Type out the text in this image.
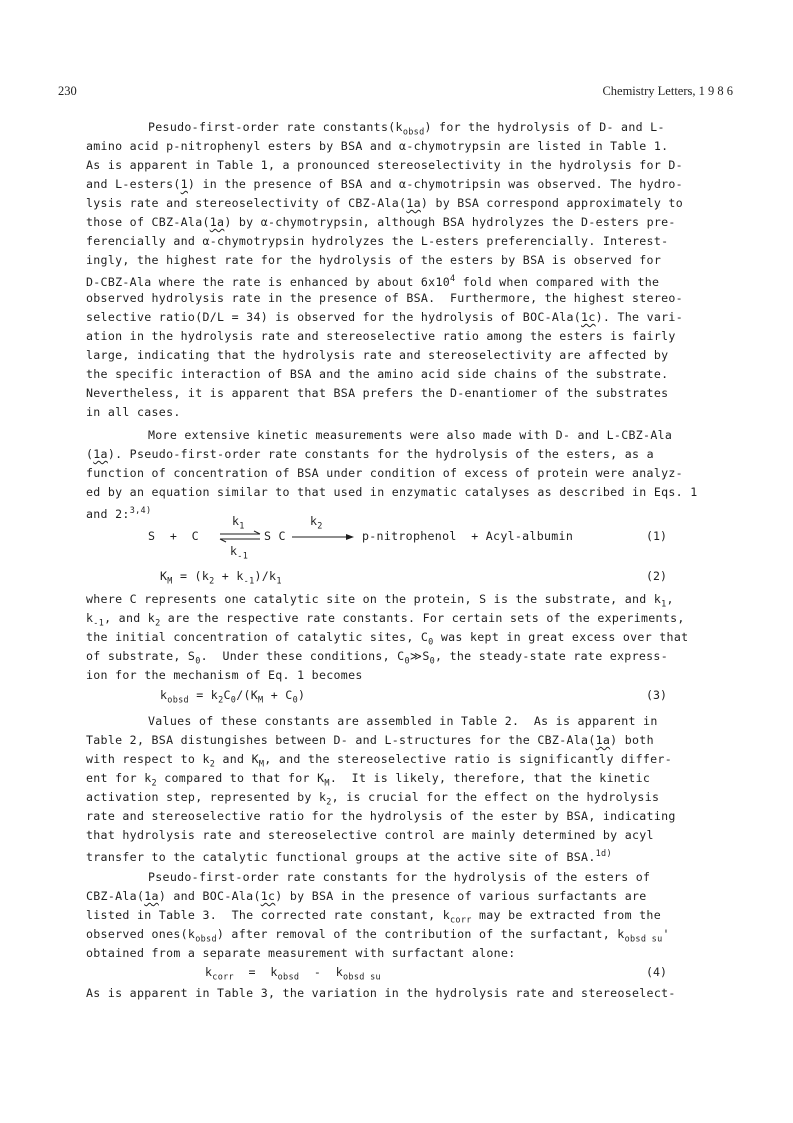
230	Chemistry Letters, 1 9 8 6
Pesudo-first-order rate $constants(k_{obsd})$ for the hydrolysis of D- and L-
amino acid p-nitrophenyl esters by BSA and α-chymotrypsin are listed in Table 1.
As is apparent in Table 1, a pronounced stereoselectivity in the hydrolysis for D-
and L-esters(1) in the presence of BSA and α-chymotripsin was observed. The hydro-
lysis rate and stereoselectivity of CBZ-Ala(1a) by BSA correspond approximately to
those of CBZ-Ala(1a) by α-chymotrypsin, although BSA hydrolyzes the D-esters pre-
ferencially and α-chymotrypsin hydrolyzes the L-esters preferencially. Interest-
ingly, the highest rate for the hydrolysis of the esters by BSA is observed for
D-CBZ-Ala where the rate is enhanced by about $6x10^4$ fold when compared with the
observed hydrolysis rate in the presence of BSA.  Furthermore, the highest stereo-
selective ratio(D/L = 34) is observed for the hydrolysis of BOC-Ala(1c). The vari-
ation in the hydrolysis rate and stereoselective ratio among the esters is fairly
large, indicating that the hydrolysis rate and stereoselectivity are affected by
the specific interaction of BSA and the amino acid side chains of the substrate.
Nevertheless, it is apparent that BSA prefers the D-enantiomer of the substrates
in all cases.
More extensive kinetic measurements were also made with D- and L-CBZ-Ala
(1a). Pseudo-first-order rate constants for the hydrolysis of the esters, as a
function of concentration of BSA under condition of excess of protein were analyz-
ed by an equation similar to that used in enzymatic catalyses as described in Eqs. 1
and 2:$^{3,4)}$
S  +  C
$k_1$
$k_{-1}$
⇌ S C
$k_2$
p-nitrophenol  + Acyl-albumin	(1)
$K_M = (k_2 + k_{-1})/k_1$	(2)
where C represents one catalytic site on the protein, S is the substrate, and $k_1$,
$k_{-1}$, and $k_2$ are the respective rate constants. For certain sets of the experiments,
the initial concentration of catalytic sites, $C_0$ was kept in great excess over that
of substrate, $S_0$.  Under these conditions, $C_0≫S_0$, the steady-state rate express-
ion for the mechanism of Eq. 1 becomes
$k_{obsd} = k_2C_0/(K_M + C_0)$	(3)
Values of these constants are assembled in Table 2.  As is apparent in
Table 2, BSA distungishes between D- and L-structures for the CBZ-Ala(1a) both
with respect to $k_2$ and $K_M$, and the stereoselective ratio is significantly differ-
ent for $k_2$ compared to that for $K_M$.  It is likely, therefore, that the kinetic
activation step, represented by $k_2$, is crucial for the effect on the hydrolysis
rate and stereoselective ratio for the hydrolysis of the ester by BSA, indicating
that hydrolysis rate and stereoselective control are mainly determined by acyl
transfer to the catalytic functional groups at the active site of BSA.$^{1d)}$
Pseudo-first-order rate constants for the hydrolysis of the esters of
CBZ-Ala(1a) and BOC-Ala(1c) by BSA in the presence of various surfactants are
listed in Table 3.  The corrected rate constant, $k_{corr}$ may be extracted from the
observed $ones(k_{obsd})$ after removal of the contribution of the surfactant, $k_{obsd su}'$
obtained from a separate measurement with surfactant alone:
$k_{corr} = k_{obsd} - k_{obsd su}$	(4)
As is apparent in Table 3, the variation in the hydrolysis rate and stereoselect-
